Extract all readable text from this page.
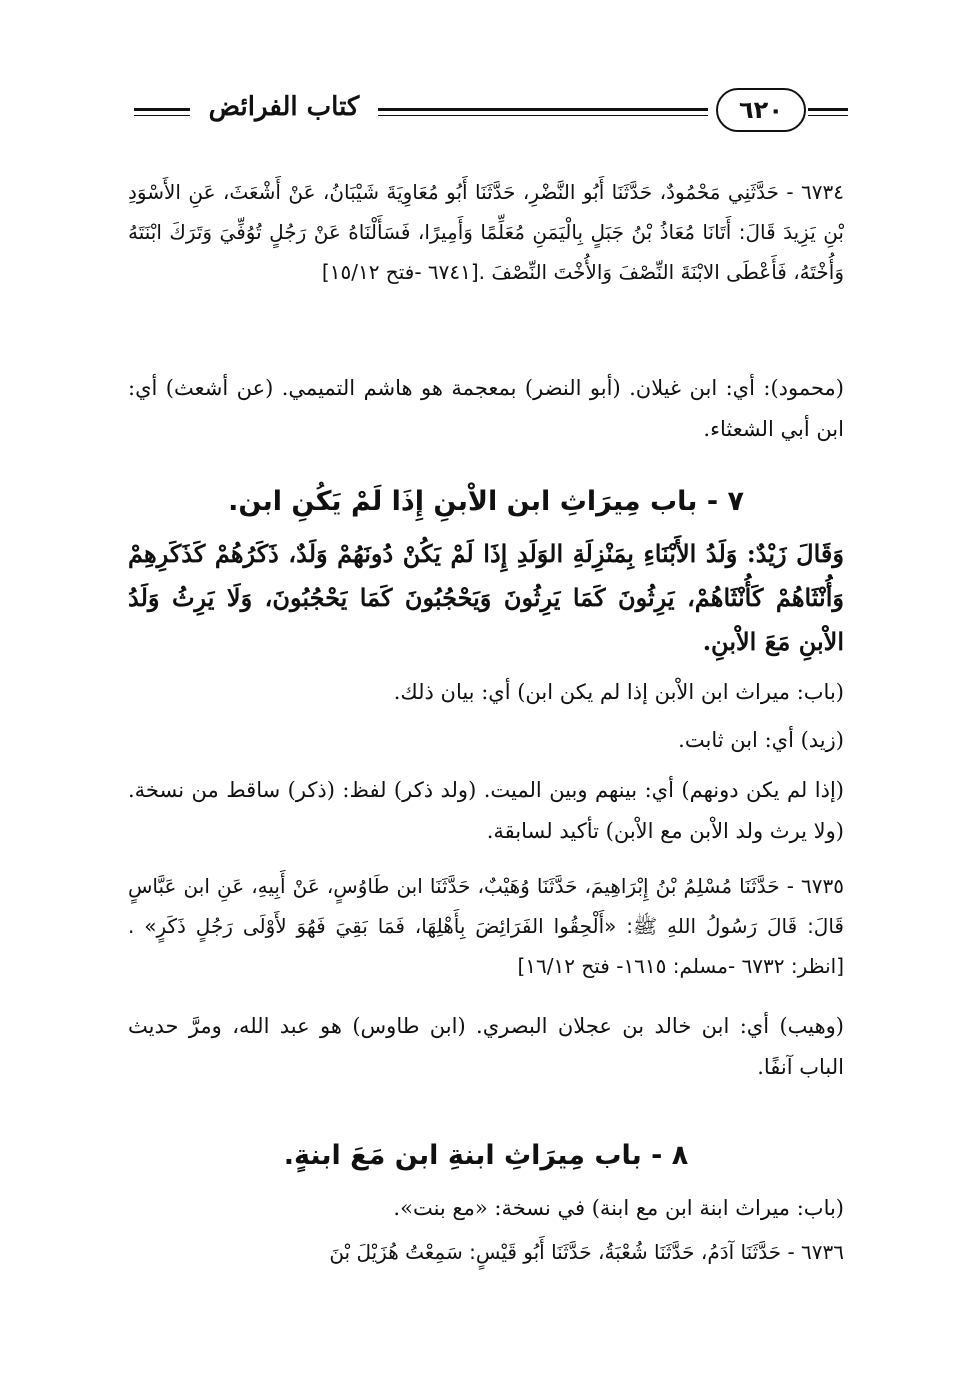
كتاب الفرائض	٦٢٠

٦٧٣٤ - حَدَّثَنِي مَحْمُودٌ، حَدَّثَنَا أَبُو النَّضْرِ، حَدَّثَنَا أَبُو مُعَاوِيَةَ شَيْبَانُ، عَنْ أَشْعَثَ، عَنِ الأَسْوَدِ بْنِ يَزِيدَ قَالَ: أَتَانَا مُعَاذُ بْنُ جَبَلٍ بِالْيَمَنِ مُعَلِّمًا وَأَمِيرًا، فَسَأَلْنَاهُ عَنْ رَجُلٍ تُوُفِّيَ وَتَرَكَ ابْنَتَهُ وَأُخْتَهُ، فَأَعْطَى الابْنَةَ النِّصْفَ وَالأُخْتَ النِّصْفَ .[٦٧٤١ -فتح ١٥/١٢]

(محمود): أي: ابن غيلان. (أبو النضر) بمعجمة هو هاشم التميمي. (عن أشعث) أي: ابن أبي الشعثاء.

٧ - باب مِيرَاثِ ابن الاْبنِ إِذَا لَمْ يَكُنِ ابن.

وَقَالَ زَيْدٌ: وَلَدُ الأَبْنَاءِ بِمَنْزِلَةِ الوَلَدِ إِذَا لَمْ يَكُنْ دُونَهُمْ وَلَدٌ، ذَكَرُهُمْ كَذَكَرِهِمْ وَأُنْثَاهُمْ كَأُنْثَاهُمْ، يَرِثُونَ كَمَا يَرِثُونَ وَيَحْجُبُونَ كَمَا يَحْجُبُونَ، وَلَا يَرِثُ وَلَدُ الاْبنِ مَعَ الاْبنِ.

(باب: ميراث ابن الاْبن إذا لم يكن ابن) أي: بيان ذلك.

(زيد) أي: ابن ثابت.

(إذا لم يكن دونهم) أي: بينهم وبين الميت. (ولد ذكر) لفظ: (ذكر) ساقط من نسخة. (ولا يرث ولد الاْبن مع الاْبن) تأكيد لسابقة.

٦٧٣٥ - حَدَّثَنَا مُسْلِمُ بْنُ إِبْرَاهِيمَ، حَدَّثَنَا وُهَيْبٌ، حَدَّثَنَا ابن طَاوُسٍ، عَنْ أَبِيهِ، عَنِ ابن عَبَّاسٍ قَالَ: قَالَ رَسُولُ اللهِ ﷺ: «أَلْحِقُوا الفَرَائِضَ بِأَهْلِهَا، فَمَا بَقِيَ فَهُوَ لأَوْلَى رَجُلٍ ذَكَرٍ» .[انظر: ٦٧٣٢ -مسلم: ١٦١٥- فتح ١٦/١٢]

(وهيب) أي: ابن خالد بن عجلان البصري. (ابن طاوس) هو عبد الله، ومرَّ حديث الباب آنفًا.

٨ - باب مِيرَاثِ ابنةِ ابن مَعَ ابنةٍ.

(باب: ميراث ابنة ابن مع ابنة) في نسخة: «مع بنت».

٦٧٣٦ - حَدَّثَنَا آدَمُ، حَدَّثَنَا شُعْبَةُ، حَدَّثَنَا أَبُو قَيْسٍ: سَمِعْتُ هُزَيْلَ بْنَ
